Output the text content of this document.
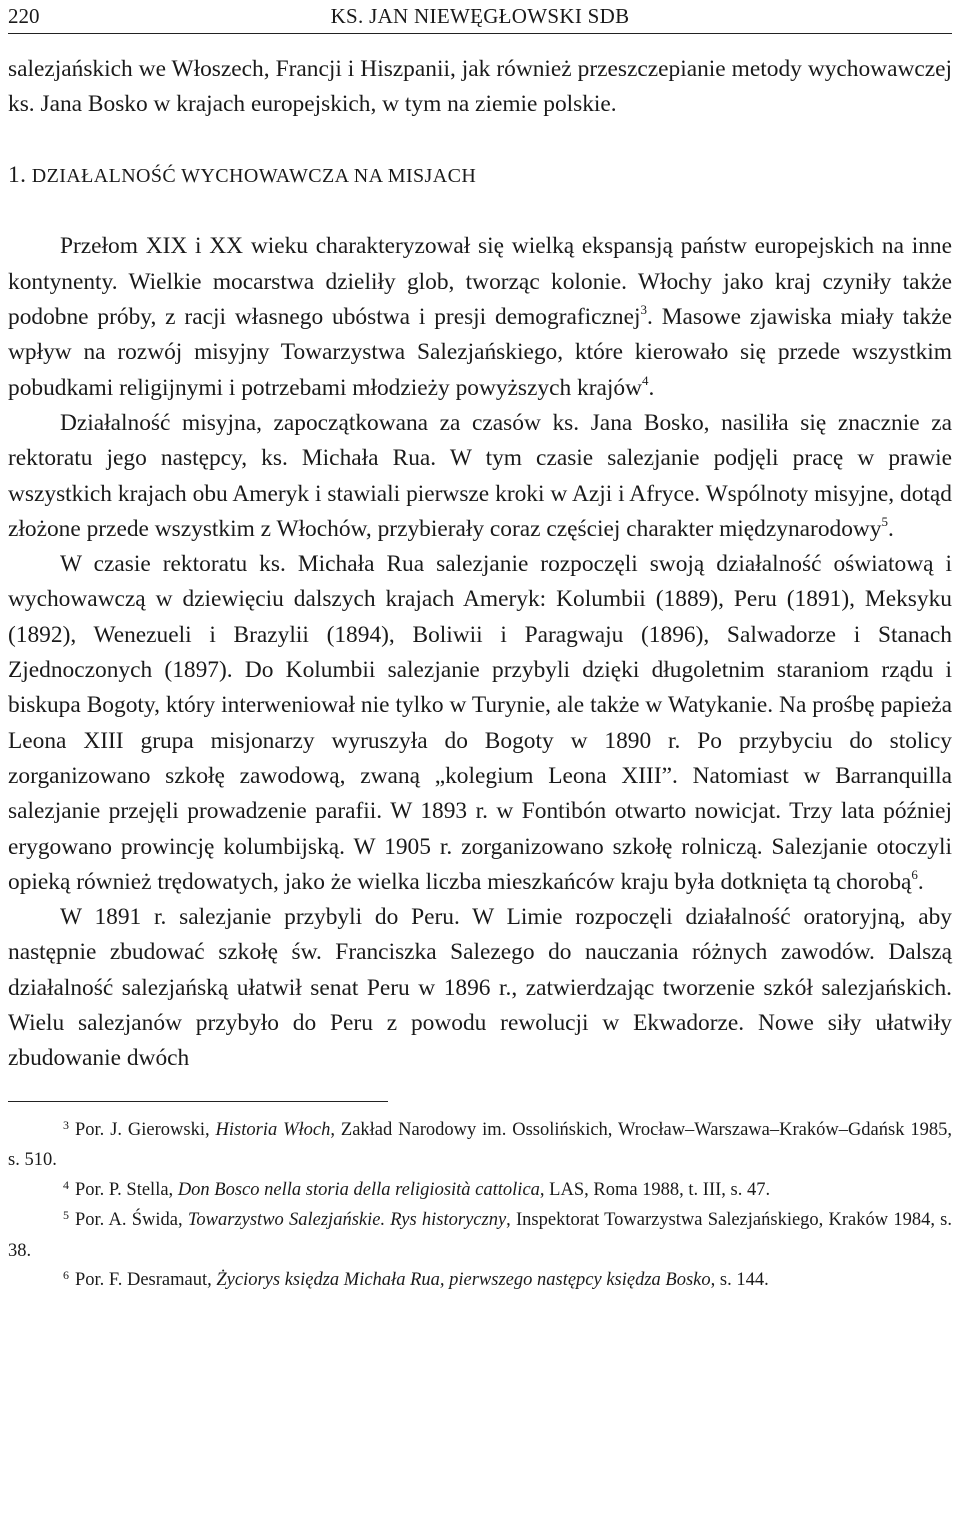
220	KS. JAN NIEWĘGŁOWSKI SDB

salezjańskich we Włoszech, Francji i Hiszpanii, jak również przeszczepianie metody wychowawczej ks. Jana Bosko w krajach europejskich, w tym na ziemie polskie.

1. DZIAŁALNOŚĆ WYCHOWAWCZA NA MISJACH

Przełom XIX i XX wieku charakteryzował się wielką ekspansją państw europejskich na inne kontynenty. Wielkie mocarstwa dzieliły glob, tworząc kolonie. Włochy jako kraj czyniły także podobne próby, z racji własnego ubóstwa i presji demograficznej$^3$. Masowe zjawiska miały także wpływ na rozwój misyjny Towarzystwa Salezjańskiego, które kierowało się przede wszystkim pobudkami religijnymi i potrzebami młodzieży powyższych krajów$^4$.

Działalność misyjna, zapoczątkowana za czasów ks. Jana Bosko, nasiliła się znacznie za rektoratu jego następcy, ks. Michała Rua. W tym czasie salezjanie podjęli pracę w prawie wszystkich krajach obu Ameryk i stawiali pierwsze kroki w Azji i Afryce. Wspólnoty misyjne, dotąd złożone przede wszystkim z Włochów, przybierały coraz częściej charakter międzynarodowy$^5$.

W czasie rektoratu ks. Michała Rua salezjanie rozpoczęli swoją działalność oświatową i wychowawczą w dziewięciu dalszych krajach Ameryk: Kolumbii (1889), Peru (1891), Meksyku (1892), Wenezueli i Brazylii (1894), Boliwii i Paragwaju (1896), Salwadorze i Stanach Zjednoczonych (1897). Do Kolumbii salezjanie przybyli dzięki długoletnim staraniom rządu i biskupa Bogoty, który interweniował nie tylko w Turynie, ale także w Watykanie. Na prośbę papieża Leona XIII grupa misjonarzy wyruszyła do Bogoty w 1890 r. Po przybyciu do stolicy zorganizowano szkołę zawodową, zwaną „kolegium Leona XIII”. Natomiast w Barranquilla salezjanie przejęli prowadzenie parafii. W 1893 r. w Fontibón otwarto nowicjat. Trzy lata później erygowano prowincję kolumbijską. W 1905 r. zorganizowano szkołę rolniczą. Salezjanie otoczyli opieką również trędowatych, jako że wielka liczba mieszkańców kraju była dotknięta tą chorobą$^6$.

W 1891 r. salezjanie przybyli do Peru. W Limie rozpoczęli działalność oratoryjną, aby następnie zbudować szkołę św. Franciszka Salezego do nauczania różnych zawodów. Dalszą działalność salezjańską ułatwił senat Peru w 1896 r., zatwierdzając tworzenie szkół salezjańskich. Wielu salezjanów przybyło do Peru z powodu rewolucji w Ekwadorze. Nowe siły ułatwiły zbudowanie dwóch

$^3$ Por. J. Gierowski, Historia Włoch, Zakład Narodowy im. Ossolińskich, Wrocław–Warszawa–Kraków–Gdańsk 1985, s. 510.

$^4$ Por. P. Stella, Don Bosco nella storia della religiosità cattolica, LAS, Roma 1988, t. III, s. 47.

$^5$ Por. A. Świda, Towarzystwo Salezjańskie. Rys historyczny, Inspektorat Towarzystwa Salezjańskiego, Kraków 1984, s. 38.

$^6$ Por. F. Desramaut, Życiorys księdza Michała Rua, pierwszego następcy księdza Bosko, s. 144.
